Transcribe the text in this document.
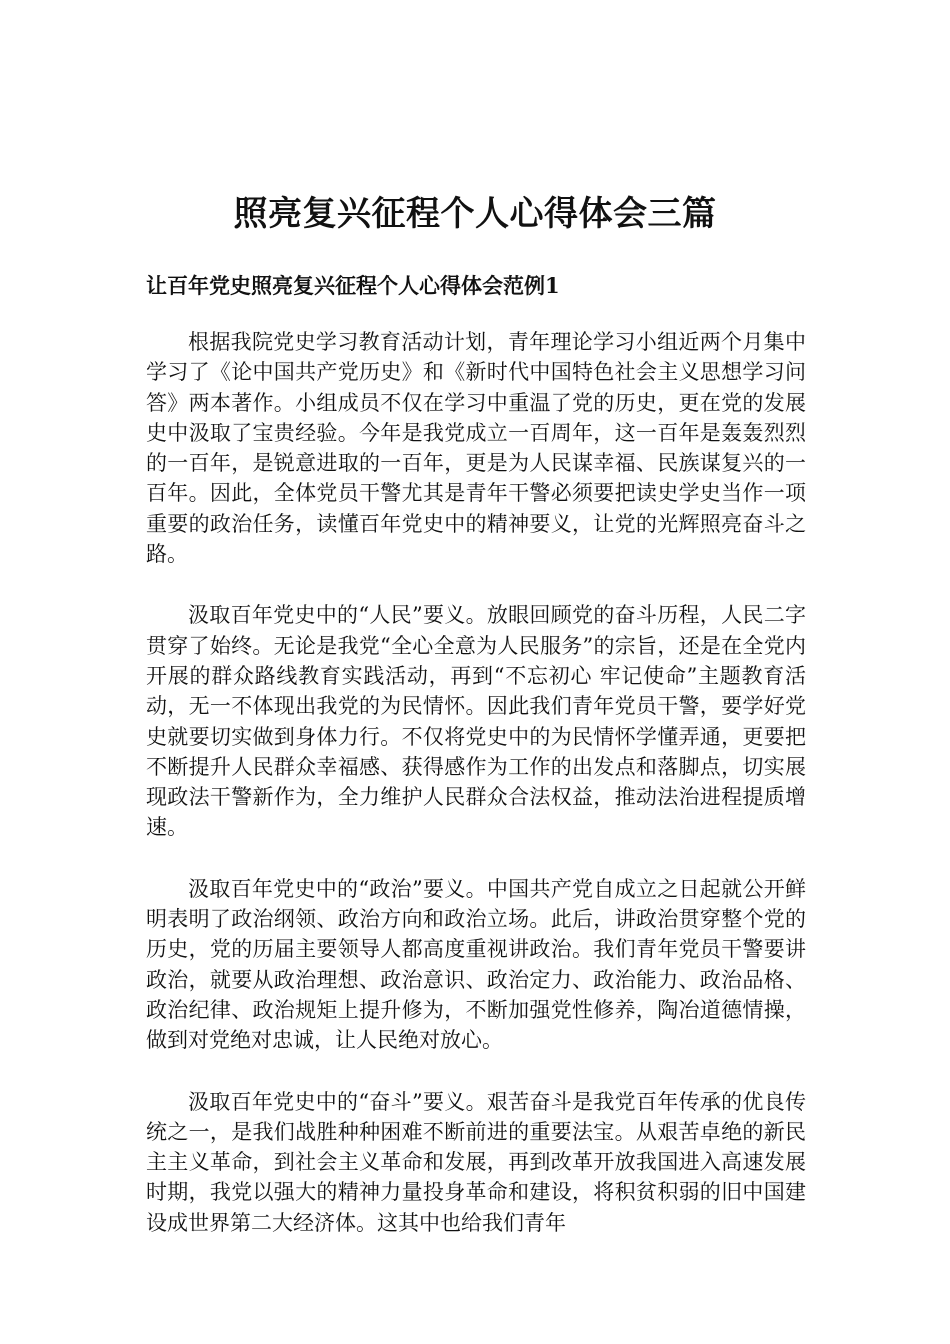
照亮复兴征程个人心得体会三篇
让百年党史照亮复兴征程个人心得体会范例1

根据我院党史学习教育活动计划，青年理论学习小组近两个月集中学习了《论中国共产党历史》和《新时代中国特色社会主义思想学习问答》两本著作。小组成员不仅在学习中重温了党的历史，更在党的发展史中汲取了宝贵经验。今年是我党成立一百周年，这一百年是轰轰烈烈的一百年，是锐意进取的一百年，更是为人民谋幸福、民族谋复兴的一百年。因此，全体党员干警尤其是青年干警必须要把读史学史当作一项重要的政治任务，读懂百年党史中的精神要义，让党的光辉照亮奋斗之路。

汲取百年党史中的“人民”要义。放眼回顾党的奋斗历程，人民二字贯穿了始终。无论是我党“全心全意为人民服务”的宗旨，还是在全党内开展的群众路线教育实践活动，再到“不忘初心 牢记使命”主题教育活动，无一不体现出我党的为民情怀。因此我们青年党员干警，要学好党史就要切实做到身体力行。不仅将党史中的为民情怀学懂弄通，更要把不断提升人民群众幸福感、获得感作为工作的出发点和落脚点，切实展现政法干警新作为，全力维护人民群众合法权益，推动法治进程提质增速。

汲取百年党史中的“政治”要义。中国共产党自成立之日起就公开鲜明表明了政治纲领、政治方向和政治立场。此后，讲政治贯穿整个党的历史，党的历届主要领导人都高度重视讲政治。我们青年党员干警要讲政治，就要从政治理想、政治意识、政治定力、政治能力、政治品格、政治纪律、政治规矩上提升修为，不断加强党性修养，陶冶道德情操，做到对党绝对忠诚，让人民绝对放心。

汲取百年党史中的“奋斗”要义。艰苦奋斗是我党百年传承的优良传统之一，是我们战胜种种困难不断前进的重要法宝。从艰苦卓绝的新民主主义革命，到社会主义革命和发展，再到改革开放我国进入高速发展时期，我党以强大的精神力量投身革命和建设，将积贫积弱的旧中国建设成世界第二大经济体。这其中也给我们青年
